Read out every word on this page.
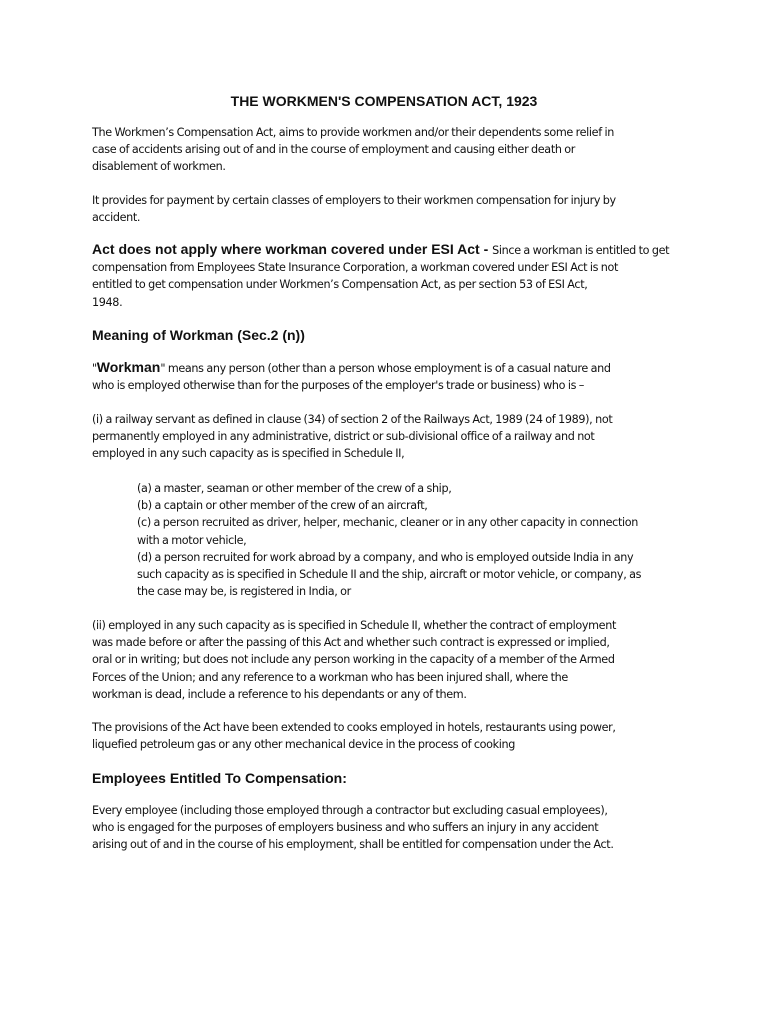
THE WORKMEN'S COMPENSATION ACT, 1923

The Workmen’s Compensation Act, aims to provide workmen and/or their dependents some relief in
case of accidents arising out of and in the course of employment and causing either death or
disablement of workmen.

It provides for payment by certain classes of employers to their workmen compensation for injury by
accident.

Act does not apply where workman covered under ESI Act - Since a workman is entitled to get
compensation from Employees State Insurance Corporation, a workman covered under ESI Act is not
entitled to get compensation under Workmen’s Compensation Act, as per section 53 of ESI Act,
1948.

Meaning of Workman (Sec.2 (n))

"Workman" means any person (other than a person whose employment is of a casual nature and
who is employed otherwise than for the purposes of the employer's trade or business) who is –

(i) a railway servant as defined in clause (34) of section 2 of the Railways Act, 1989 (24 of 1989), not
permanently employed in any administrative, district or sub-divisional office of a railway and not
employed in any such capacity as is specified in Schedule II,

(a) a master, seaman or other member of the crew of a ship,
(b) a captain or other member of the crew of an aircraft,
(c) a person recruited as driver, helper, mechanic, cleaner or in any other capacity in connection
with a motor vehicle,
(d) a person recruited for work abroad by a company, and who is employed outside India in any
such capacity as is specified in Schedule II and the ship, aircraft or motor vehicle, or company, as
the case may be, is registered in India, or

(ii) employed in any such capacity as is specified in Schedule II, whether the contract of employment
was made before or after the passing of this Act and whether such contract is expressed or implied,
oral or in writing; but does not include any person working in the capacity of a member of the Armed
Forces of the Union; and any reference to a workman who has been injured shall, where the
workman is dead, include a reference to his dependants or any of them.

The provisions of the Act have been extended to cooks employed in hotels, restaurants using power,
liquefied petroleum gas or any other mechanical device in the process of cooking

Employees Entitled To Compensation:

Every employee (including those employed through a contractor but excluding casual employees),
who is engaged for the purposes of employers business and who suffers an injury in any accident
arising out of and in the course of his employment, shall be entitled for compensation under the Act.
